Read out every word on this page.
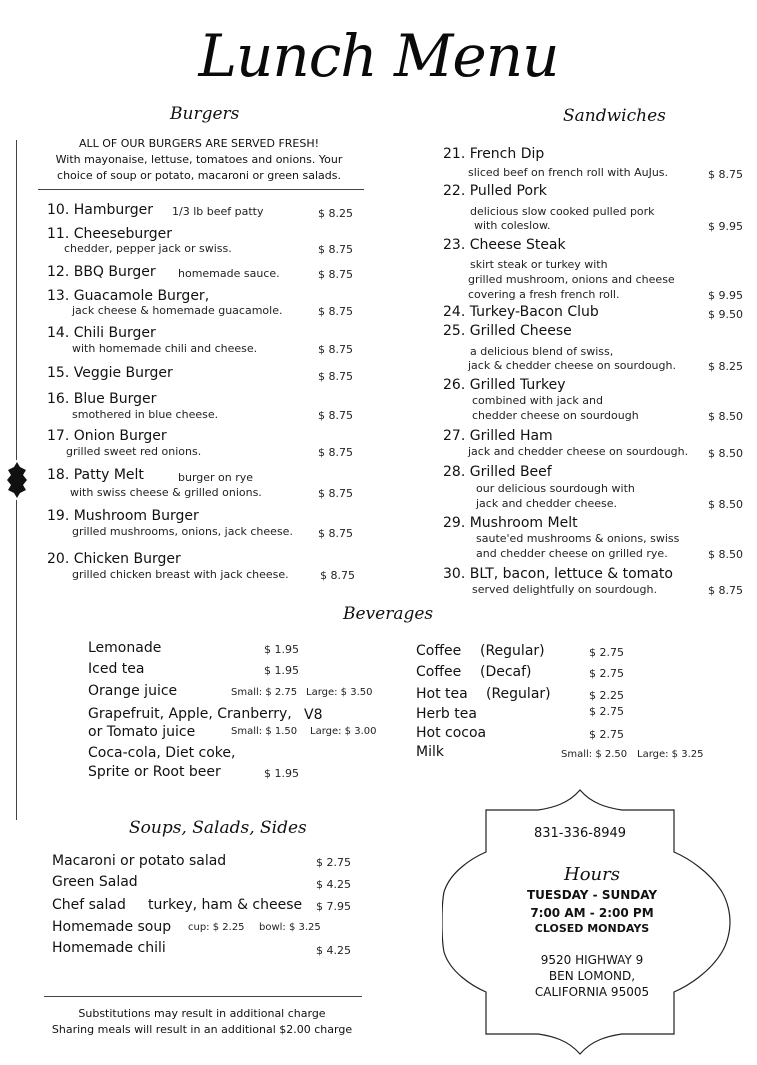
Lunch Menu
Burgers
ALL OF OUR BURGERS ARE SERVED FRESH!
With mayonaise, lettuse, tomatoes and onions. Your
choice of soup or potato, macaroni or green salads.
10. Hamburger 1/3 lb beef patty	$ 8.25
11. Cheeseburger
chedder, pepper jack or swiss.	$ 8.75
12. BBQ Burger homemade sauce.	$ 8.75
13. Guacamole Burger,
jack cheese & homemade guacamole.	$ 8.75
14. Chili Burger
with homemade chili and cheese.	$ 8.75
15. Veggie Burger	$ 8.75
16. Blue Burger
smothered in blue cheese.	$ 8.75
17. Onion Burger
grilled sweet red onions.	$ 8.75
18. Patty Melt	burger on rye
with swiss cheese & grilled onions.	$ 8.75
19. Mushroom Burger
grilled mushrooms, onions, jack cheese. $ 8.75
20. Chicken Burger
grilled chicken breast with jack cheese.	$ 8.75
Sandwiches
21. French Dip
sliced beef on french roll with AuJus.	$ 8.75
22. Pulled Pork
delicious slow cooked pulled pork
with coleslow.	$ 9.95
23. Cheese Steak
skirt steak or turkey with
grilled mushroom, onions and cheese
covering a fresh french roll.	$ 9.95
24. Turkey-Bacon Club	$ 9.50
25. Grilled Cheese
a delicious blend of swiss,
jack & chedder cheese on sourdough.	$ 8.25
26. Grilled Turkey
combined with jack and
chedder cheese on sourdough	$ 8.50
27. Grilled Ham
jack and chedder cheese on sourdough. $ 8.50
28. Grilled Beef
our delicious sourdough with
jack and chedder cheese.	$ 8.50
29. Mushroom Melt
saute'ed mushrooms & onions, swiss
and chedder cheese on grilled rye.	$ 8.50
30. BLT, bacon, lettuce & tomato
served delightfully on sourdough.	$ 8.75
Beverages
Lemonade	$ 1.95
Iced tea	$ 1.95
Orange juice	Small: $ 2.75 Large: $ 3.50
Grapefruit, Apple, Cranberry, V8
or Tomato juice	Small: $ 1.50 Large: $ 3.00
Coca-cola, Diet coke,
Sprite or Root beer	$ 1.95
Coffee (Regular)	$ 2.75
Coffee (Decaf)	$ 2.75
Hot tea (Regular)	$ 2.25
Herb tea	$ 2.75
Hot cocoa	$ 2.75
Milk	Small: $ 2.50 Large: $ 3.25
Soups, Salads, Sides
Macaroni or potato salad	$ 2.75
Green Salad	$ 4.25
Chef salad turkey, ham & cheese $ 7.95
Homemade soup cup: $ 2.25 bowl: $ 3.25
Homemade chili	$ 4.25
Substitutions may result in additional charge
Sharing meals will result in an additional $2.00 charge
831-336-8949
Hours
TUESDAY - SUNDAY
7:00 AM - 2:00 PM
CLOSED MONDAYS
9520 HIGHWAY 9
BEN LOMOND,
CALIFORNIA 95005
